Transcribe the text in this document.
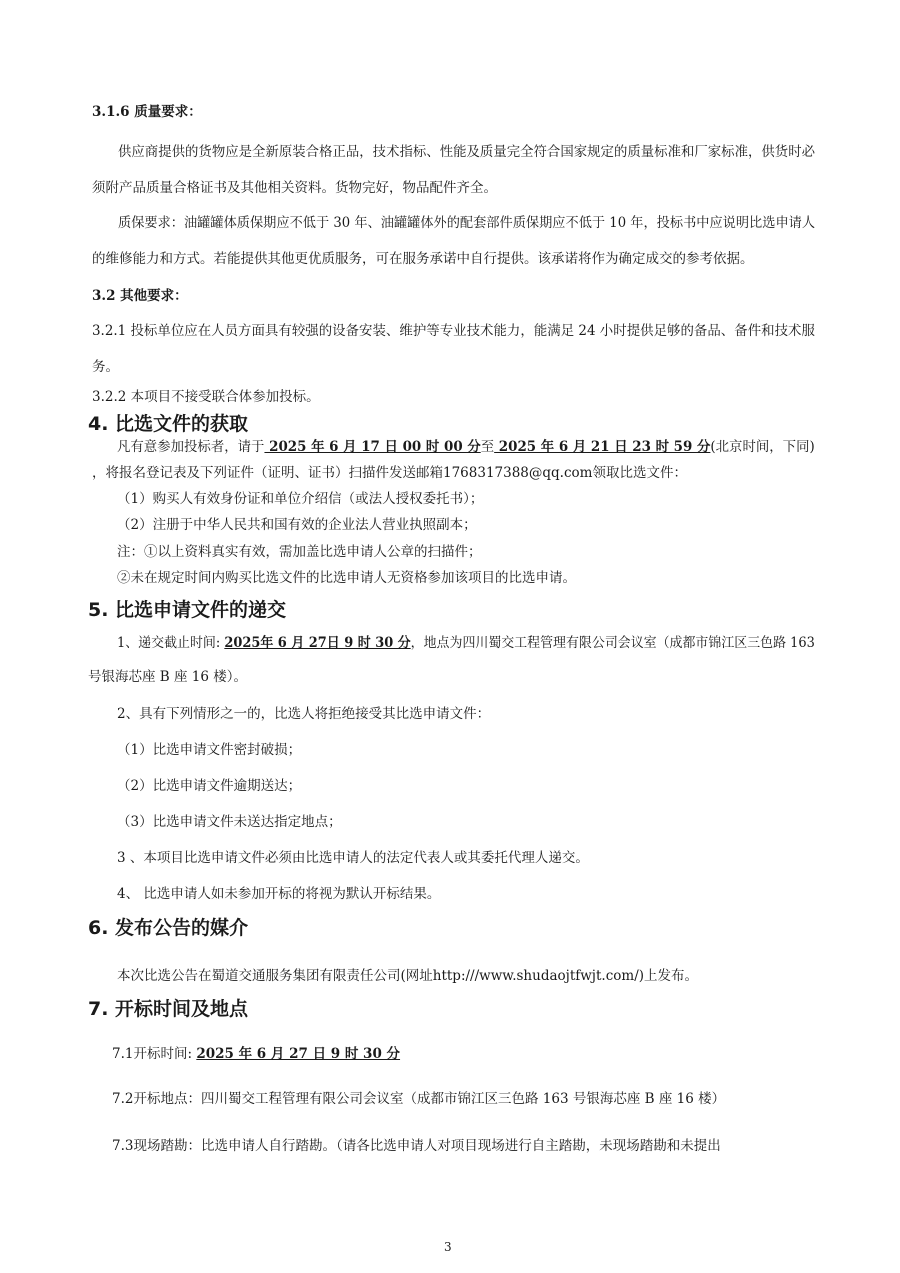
3.1.6 质量要求：
供应商提供的货物应是全新原装合格正品，技术指标、性能及质量完全符合国家规定的质量标准和厂家标准，供货时必
须附产品质量合格证书及其他相关资料。货物完好，物品配件齐全。
质保要求：油罐罐体质保期应不低于 30 年、油罐罐体外的配套部件质保期应不低于 10 年，投标书中应说明比选申请人
的维修能力和方式。若能提供其他更优质服务，可在服务承诺中自行提供。该承诺将作为确定成交的参考依据。
3.2 其他要求：
3.2.1 投标单位应在人员方面具有较强的设备安装、维护等专业技术能力，能满足 24 小时提供足够的备品、备件和技术服
务。
3.2.2 本项目不接受联合体参加投标。
4. 比选文件的获取
凡有意参加投标者，请于 2025 年 6 月 17 日 00 时 00 分至 2025 年 6 月 21 日 23 时 59 分(北京时间，下同)
，将报名登记表及下列证件（证明、证书）扫描件发送邮箱1768317388@qq.com领取比选文件：
（1）购买人有效身份证和单位介绍信（或法人授权委托书）；
（2）注册于中华人民共和国有效的企业法人营业执照副本；
注：①以上资料真实有效，需加盖比选申请人公章的扫描件；
②未在规定时间内购买比选文件的比选申请人无资格参加该项目的比选申请。
5. 比选申请文件的递交
1、递交截止时间: 2025年 6 月 27日 9 时 30 分，地点为四川蜀交工程管理有限公司会议室（成都市锦江区三色路 163
号银海芯座 B 座 16 楼）。
2、具有下列情形之一的，比选人将拒绝接受其比选申请文件：
（1）比选申请文件密封破损；
（2）比选申请文件逾期送达；
（3）比选申请文件未送达指定地点；
3 、本项目比选申请文件必须由比选申请人的法定代表人或其委托代理人递交。
4、 比选申请人如未参加开标的将视为默认开标结果。
6. 发布公告的媒介
本次比选公告在蜀道交通服务集团有限责任公司(网址http:///www.shudaojtfwjt.com/)上发布。
7. 开标时间及地点
7.1开标时间: 2025 年 6 月 27 日 9 时 30 分
7.2开标地点：四川蜀交工程管理有限公司会议室（成都市锦江区三色路 163 号银海芯座 B 座 16 楼）
7.3现场踏勘：比选申请人自行踏勘。（请各比选申请人对项目现场进行自主踏勘，未现场踏勘和未提出
3
